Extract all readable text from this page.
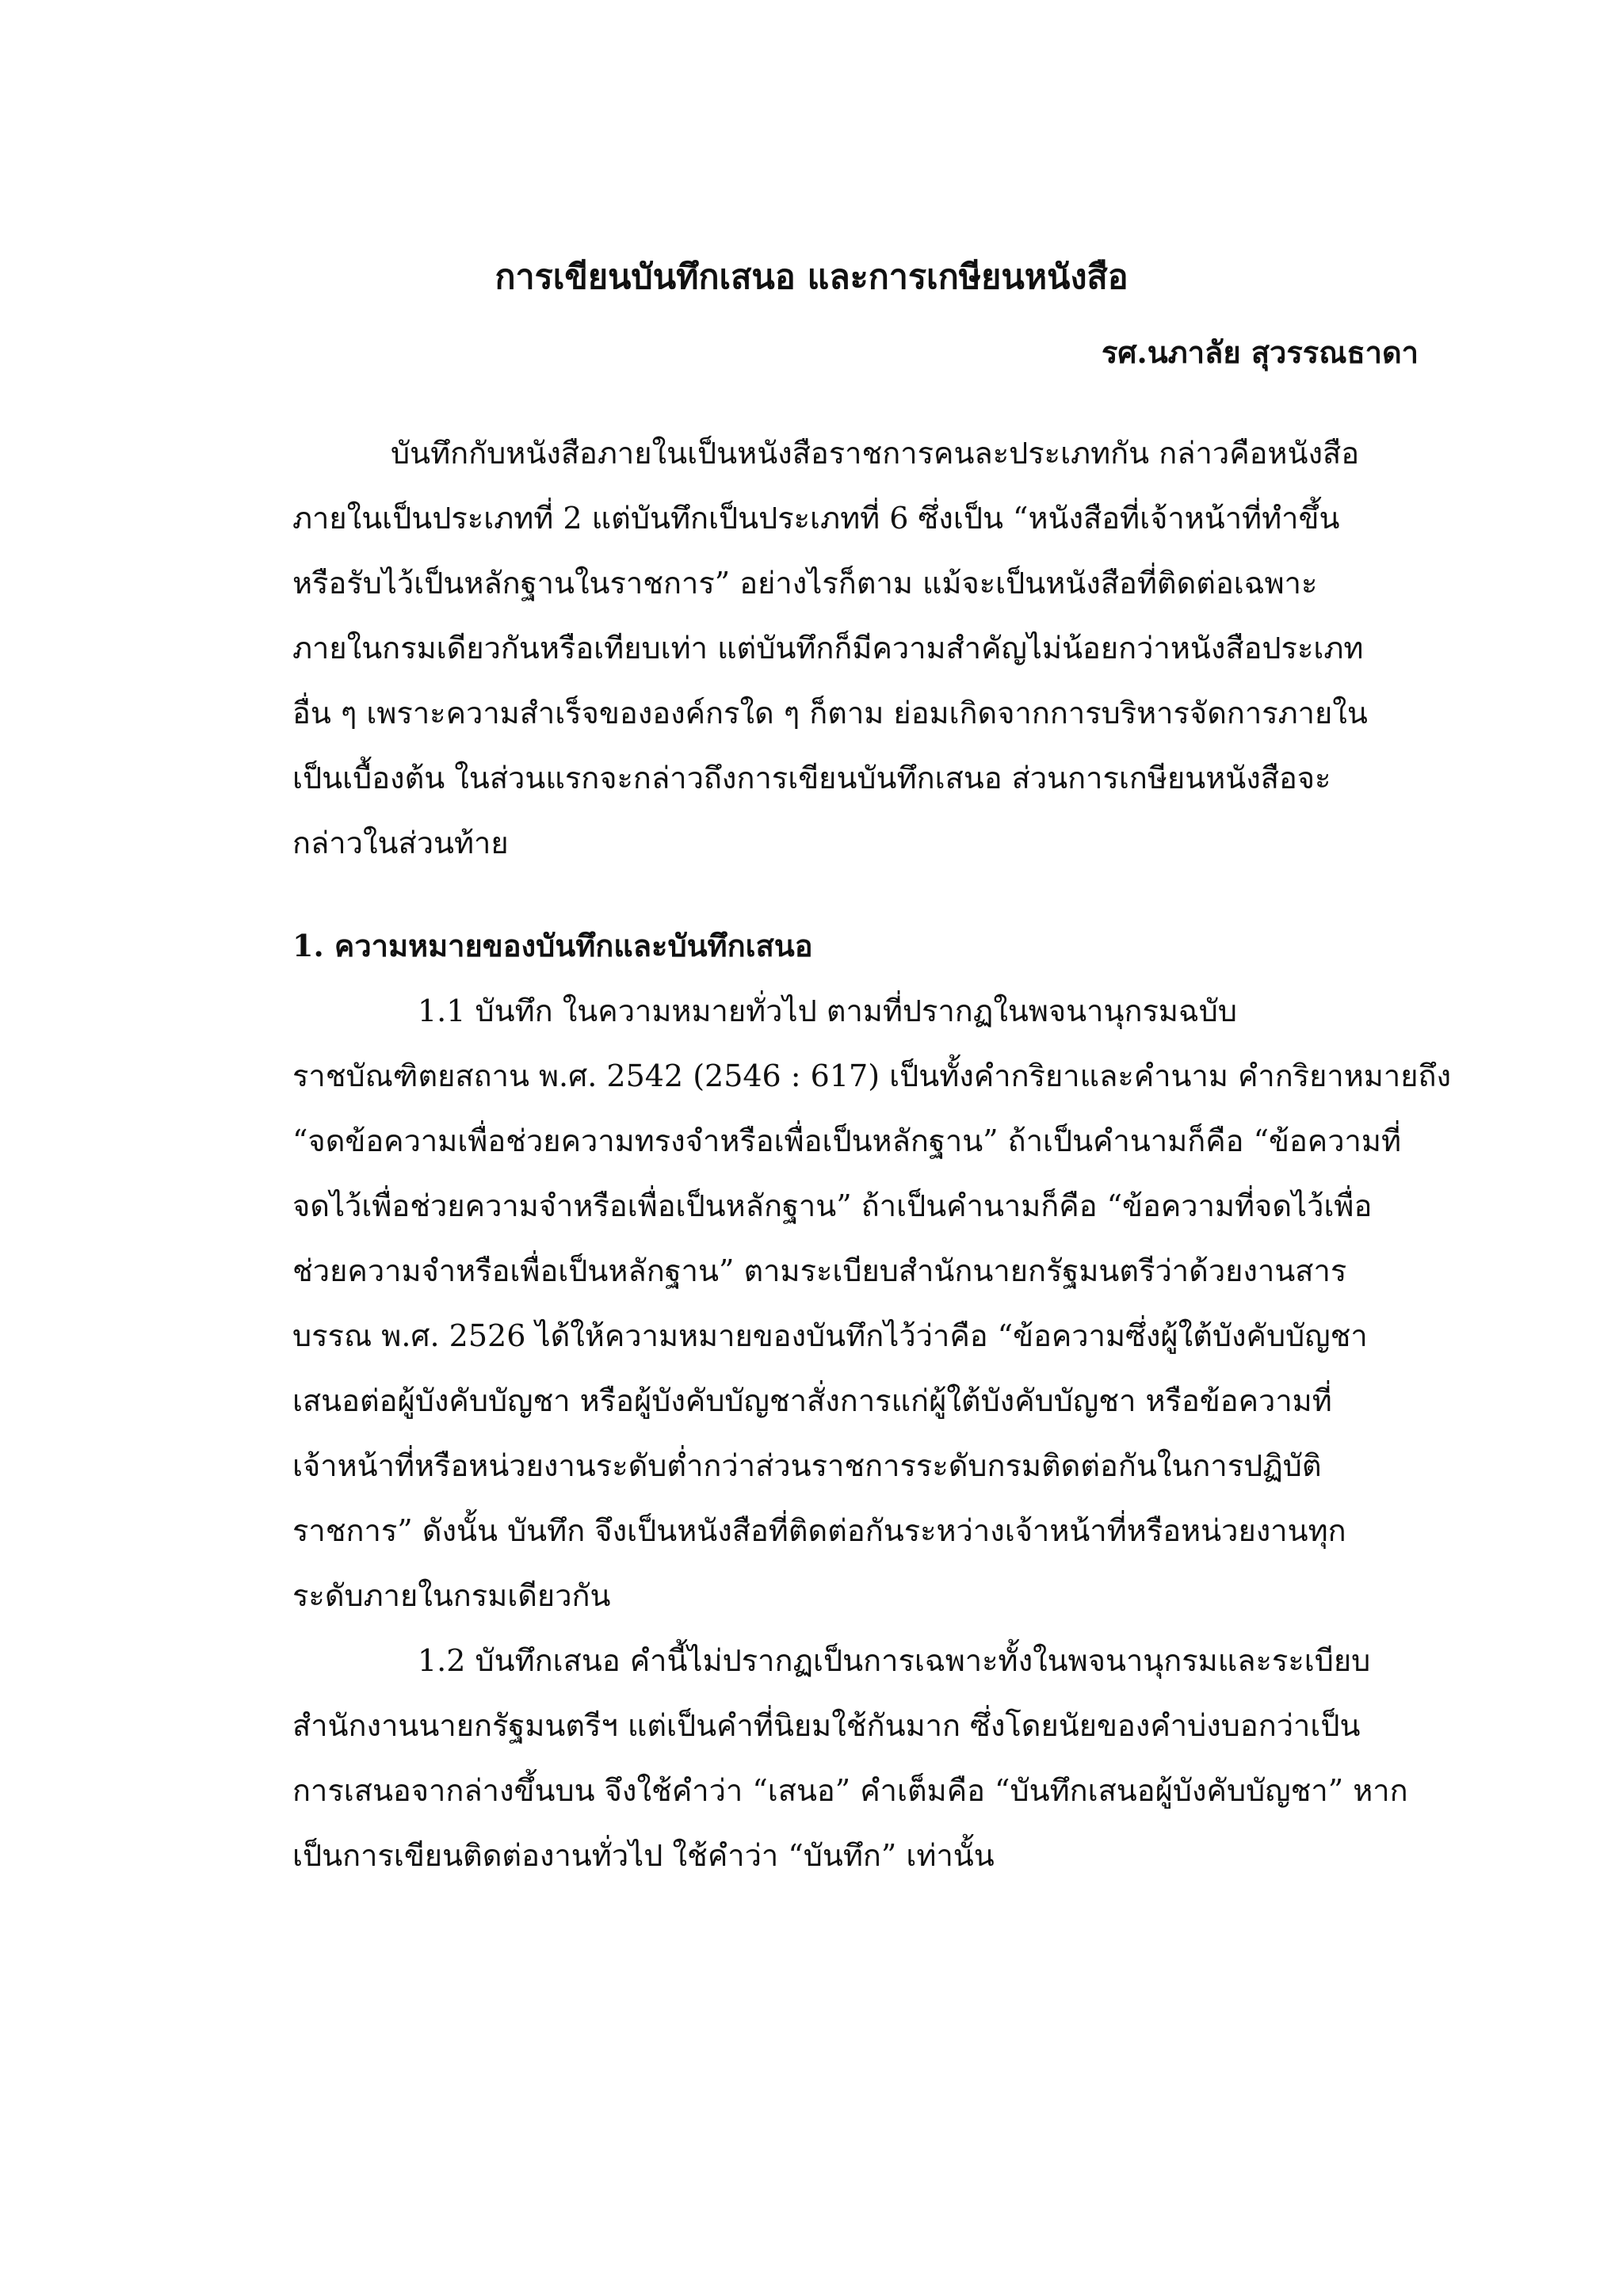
การเขียนบันทึกเสนอ และการเกษียนหนังสือ
รศ.นภาลัย สุวรรณธาดา
บันทึกกับหนังสือภายในเป็นหนังสือราชการคนละประเภทกัน กล่าวคือหนังสือ
ภายในเป็นประเภทที่ 2 แต่บันทึกเป็นประเภทที่ 6 ซึ่งเป็น “หนังสือที่เจ้าหน้าที่ทำขึ้น
หรือรับไว้เป็นหลักฐานในราชการ” อย่างไรก็ตาม แม้จะเป็นหนังสือที่ติดต่อเฉพาะ
ภายในกรมเดียวกันหรือเทียบเท่า แต่บันทึกก็มีความสำคัญไม่น้อยกว่าหนังสือประเภท
อื่น ๆ เพราะความสำเร็จขององค์กรใด ๆ ก็ตาม ย่อมเกิดจากการบริหารจัดการภายใน
เป็นเบื้องต้น ในส่วนแรกจะกล่าวถึงการเขียนบันทึกเสนอ ส่วนการเกษียนหนังสือจะ
กล่าวในส่วนท้าย
1. ความหมายของบันทึกและบันทึกเสนอ
1.1 บันทึก ในความหมายทั่วไป ตามที่ปรากฏในพจนานุกรมฉบับ
ราชบัณฑิตยสถาน พ.ศ. 2542 (2546 : 617) เป็นทั้งคำกริยาและคำนาม คำกริยาหมายถึง
“จดข้อความเพื่อช่วยความทรงจำหรือเพื่อเป็นหลักฐาน” ถ้าเป็นคำนามก็คือ “ข้อความที่
จดไว้เพื่อช่วยความจำหรือเพื่อเป็นหลักฐาน” ถ้าเป็นคำนามก็คือ “ข้อความที่จดไว้เพื่อ
ช่วยความจำหรือเพื่อเป็นหลักฐาน” ตามระเบียบสำนักนายกรัฐมนตรีว่าด้วยงานสาร
บรรณ พ.ศ. 2526 ได้ให้ความหมายของบันทึกไว้ว่าคือ “ข้อความซึ่งผู้ใต้บังคับบัญชา
เสนอต่อผู้บังคับบัญชา หรือผู้บังคับบัญชาสั่งการแก่ผู้ใต้บังคับบัญชา หรือข้อความที่
เจ้าหน้าที่หรือหน่วยงานระดับต่ำกว่าส่วนราชการระดับกรมติดต่อกันในการปฏิบัติ
ราชการ” ดังนั้น บันทึก จึงเป็นหนังสือที่ติดต่อกันระหว่างเจ้าหน้าที่หรือหน่วยงานทุก
ระดับภายในกรมเดียวกัน
1.2 บันทึกเสนอ คำนี้ไม่ปรากฏเป็นการเฉพาะทั้งในพจนานุกรมและระเบียบ
สำนักงานนายกรัฐมนตรีฯ แต่เป็นคำที่นิยมใช้กันมาก ซึ่งโดยนัยของคำบ่งบอกว่าเป็น
การเสนอจากล่างขึ้นบน จึงใช้คำว่า “เสนอ” คำเต็มคือ “บันทึกเสนอผู้บังคับบัญชา” หาก
เป็นการเขียนติดต่องานทั่วไป ใช้คำว่า “บันทึก” เท่านั้น
